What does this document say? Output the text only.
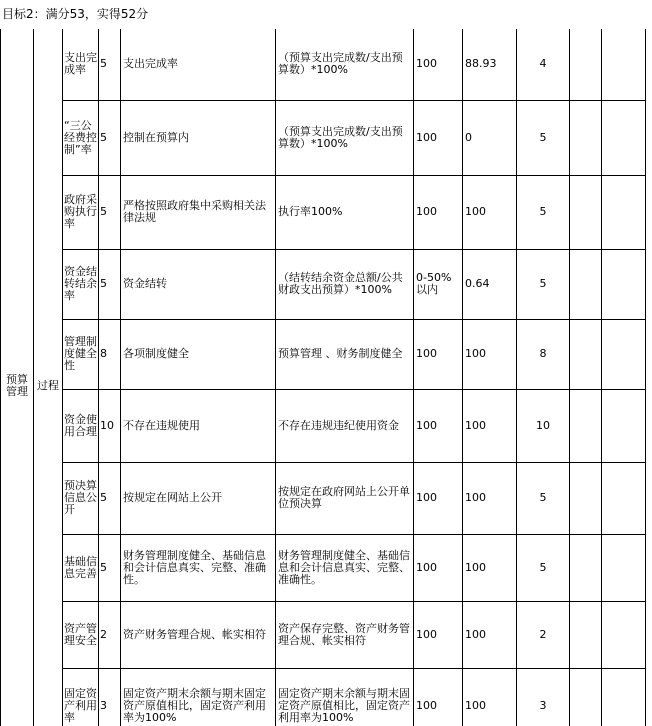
目标2：满分53，实得52分
预算管理	过程	支出完成率	5	支出完成率	（预算支出完成数/支出预算数）*100%	100	88.93	4		
		“三公经费控制”率	5	控制在预算内	（预算支出完成数/支出预算数）*100%	100	0	5		
		政府采购执行率	5	严格按照政府集中采购相关法律法规	执行率100%	100	100	5		
		资金结转结余率	5	资金结转	（结转结余资金总额/公共财政支出预算）*100%	0-50%以内	0.64	5		
		管理制度健全性	8	各项制度健全	预算管理 、财务制度健全	100	100	8		
		资金使用合理	10	不存在违规使用	不存在违规违纪使用资金	100	100	10		
		预决算信息公开	5	按规定在网站上公开	按规定在政府网站上公开单位预决算	100	100	5		
		基础信息完善	5	财务管理制度健全、基础信息和会计信息真实、完整、准确性。	财务管理制度健全、基础信息和会计信息真实、完整、准确性。	100	100	5		
		资产管理安全	2	资产财务管理合规、帐实相符	资产保存完整、资产财务管理合规、帐实相符	100	100	2		
		固定资产利用率	3	固定资产期末余额与期末固定资产原值相比，固定资产利用率为100%	固定资产期末余额与期末固定资产原值相比，固定资产利用率为100%	100	100	3		
